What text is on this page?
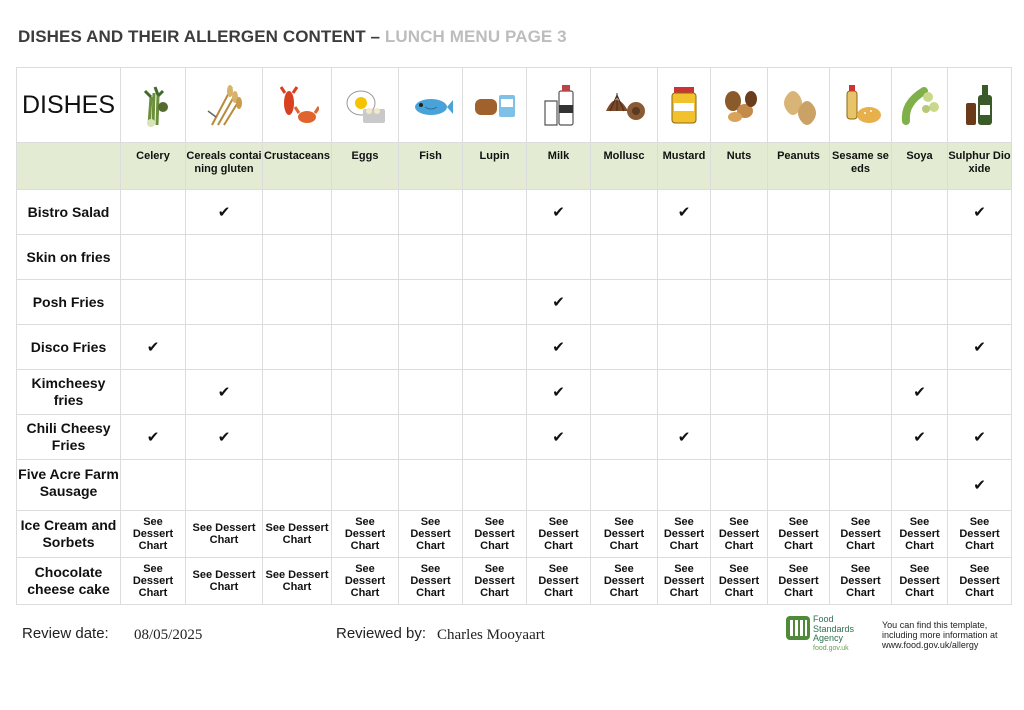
DISHES AND THEIR ALLERGEN CONTENT – LUNCH MENU PAGE 3
DISHES	

	Celery	Cereals containing gluten	Crustaceans	Eggs	Fish	Lupin	Milk	Mollusc	Mustard	Nuts	Peanuts	Sesame seeds	Soya	Sulphur Dioxide
Bistro Salad		✔					✔		✔					✔
Skin on fries														
Posh Fries							✔							
Disco Fries	✔						✔							✔
Kimcheesy fries		✔					✔						✔	
Chili Cheesy Fries	✔	✔					✔		✔				✔	✔

Five Acre Farm Sausage														✔
Ice Cream and Sorbets	See Dessert Chart	See Dessert Chart	See Dessert Chart	See Dessert Chart	See Dessert Chart	See Dessert Chart	See Dessert Chart	See Dessert Chart	See Dessert Chart	See Dessert Chart	See Dessert Chart	See Dessert Chart	See Dessert Chart	See Dessert Chart

Chocolate cheese cake	See Dessert Chart	See Dessert Chart	See Dessert Chart	See Dessert Chart	See Dessert Chart	See Dessert Chart	See Dessert Chart	See Dessert Chart	See Dessert Chart	See Dessert Chart	See Dessert Chart	See Dessert Chart	See Dessert Chart	See Dessert Chart
Review date: 08/05/2025	Reviewed by: Charles Mooyaart
Food Standards Agency
food.gov.uk
You can find this template, including more information at www.food.gov.uk/allergy
